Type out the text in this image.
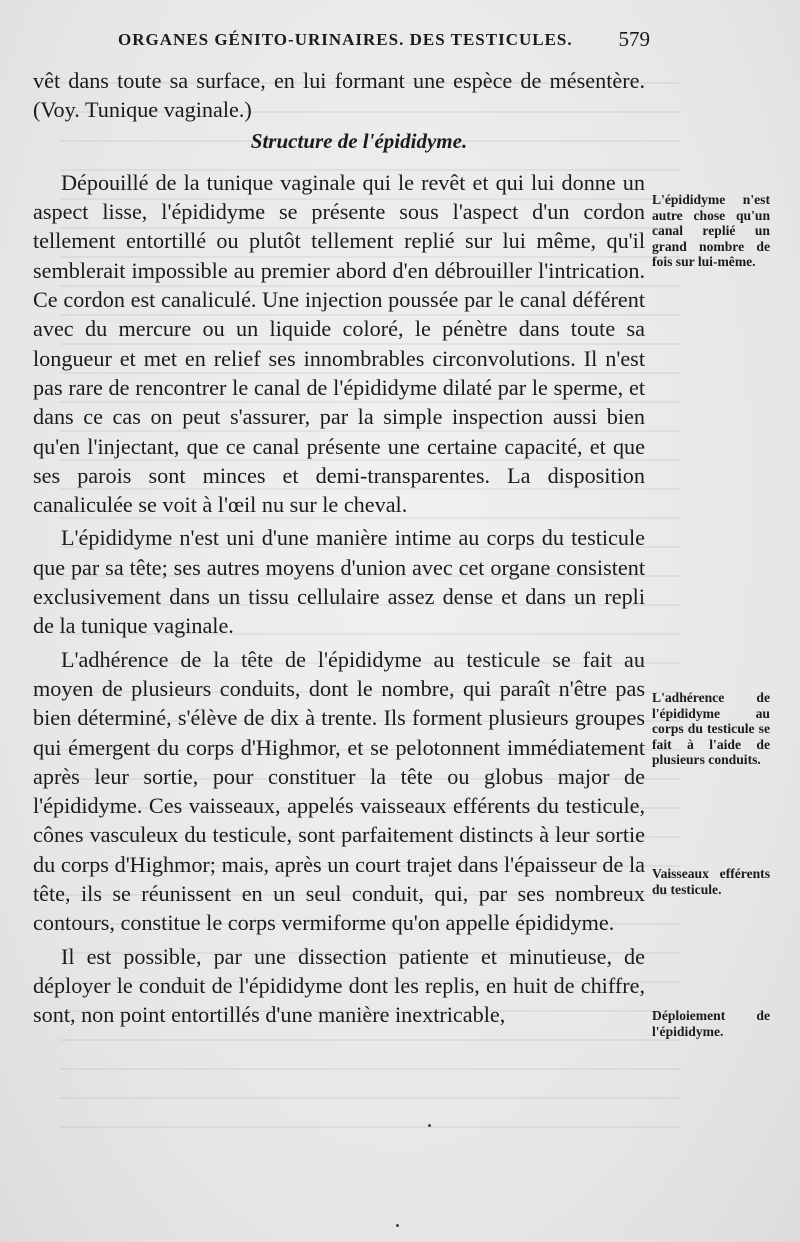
ORGANES GÉNITO-URINAIRES. DES TESTICULES. 579

vêt dans toute sa surface, en lui formant une espèce de mésentère. (Voy. Tunique vaginale.)

Structure de l'épididyme.

Dépouillé de la tunique vaginale qui le revêt et qui lui donne un aspect lisse, l'épididyme se présente sous l'aspect d'un cordon tellement entortillé ou plutôt tellement replié sur lui même, qu'il semblerait impossible au premier abord d'en débrouiller l'intrication. Ce cordon est canaliculé. Une injection poussée par le canal déférent avec du mercure ou un liquide coloré, le pénètre dans toute sa longueur et met en relief ses innombrables circonvolutions. Il n'est pas rare de rencontrer le canal de l'épididyme dilaté par le sperme, et dans ce cas on peut s'assurer, par la simple inspection aussi bien qu'en l'injectant, que ce canal présente une certaine capacité, et que ses parois sont minces et demi-transparentes. La disposition canaliculée se voit à l'œil nu sur le cheval.

L'épididyme n'est uni d'une manière intime au corps du testicule que par sa tête; ses autres moyens d'union avec cet organe consistent exclusivement dans un tissu cellulaire assez dense et dans un repli de la tunique vaginale.

L'adhérence de la tête de l'épididyme au testicule se fait au moyen de plusieurs conduits, dont le nombre, qui paraît n'être pas bien déterminé, s'élève de dix à trente. Ils forment plusieurs groupes qui émergent du corps d'Highmor, et se pelotonnent immédiatement après leur sortie, pour constituer la tête ou globus major de l'épididyme. Ces vaisseaux, appelés vaisseaux efférents du testicule, cônes vasculeux du testicule, sont parfaitement distincts à leur sortie du corps d'Highmor; mais, après un court trajet dans l'épaisseur de la tête, ils se réunissent en un seul conduit, qui, par ses nombreux contours, constitue le corps vermiforme qu'on appelle épididyme.

Il est possible, par une dissection patiente et minutieuse, de déployer le conduit de l'épididyme dont les replis, en huit de chiffre, sont, non point entortillés d'une manière inextricable,

L'épididyme n'est autre chose qu'un canal replié un grand nombre de fois sur lui-même.
L'adhérence de l'épididyme au corps du testicule se fait à l'aide de plusieurs conduits.
Vaisseaux efférents du testicule.
Déploiement de l'épididyme.
